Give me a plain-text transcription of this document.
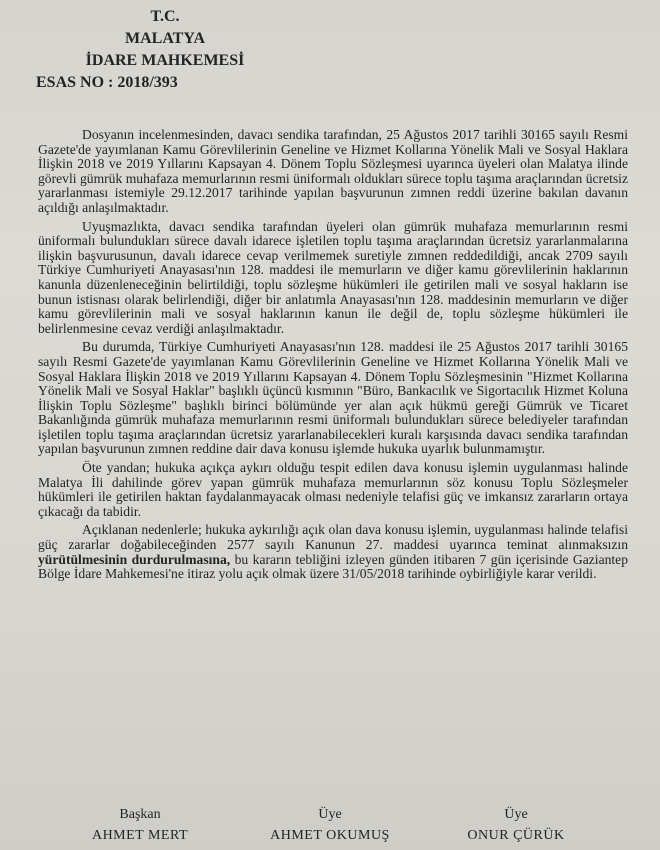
T.C.
MALATYA
İDARE MAHKEMESİ
ESAS NO : 2018/393

Dosyanın incelenmesinden, davacı sendika tarafından, 25 Ağustos 2017 tarihli 30165 sayılı Resmi Gazete'de yayımlanan Kamu Görevlilerinin Geneline ve Hizmet Kollarına Yönelik Mali ve Sosyal Haklara İlişkin 2018 ve 2019 Yıllarını Kapsayan 4. Dönem Toplu Sözleşmesi uyarınca üyeleri olan Malatya ilinde görevli gümrük muhafaza memurlarının resmi üniformalı oldukları sürece toplu taşıma araçlarından ücretsiz yararlanması istemiyle 29.12.2017 tarihinde yapılan başvurunun zımnen reddi üzerine bakılan davanın açıldığı anlaşılmaktadır.

Uyuşmazlıkta, davacı sendika tarafından üyeleri olan gümrük muhafaza memurlarının resmi üniformalı bulundukları sürece davalı idarece işletilen toplu taşıma araçlarından ücretsiz yararlanmalarına ilişkin başvurusunun, davalı idarece cevap verilmemek suretiyle zımnen reddedildiği, ancak 2709 sayılı Türkiye Cumhuriyeti Anayasası'nın 128. maddesi ile memurların ve diğer kamu görevlilerinin haklarının kanunla düzenleneceğinin belirtildiği, toplu sözleşme hükümleri ile getirilen mali ve sosyal hakların ise bunun istisnası olarak belirlendiği, diğer bir anlatımla Anayasası'nın 128. maddesinin memurların ve diğer kamu görevlilerinin mali ve sosyal haklarının kanun ile değil de, toplu sözleşme hükümleri ile belirlenmesine cevaz verdiği anlaşılmaktadır.

Bu durumda, Türkiye Cumhuriyeti Anayasası'nın 128. maddesi ile 25 Ağustos 2017 tarihli 30165 sayılı Resmi Gazete'de yayımlanan Kamu Görevlilerinin Geneline ve Hizmet Kollarına Yönelik Mali ve Sosyal Haklara İlişkin 2018 ve 2019 Yıllarını Kapsayan 4. Dönem Toplu Sözleşmesinin "Hizmet Kollarına Yönelik Mali ve Sosyal Haklar" başlıklı üçüncü kısmının "Büro, Bankacılık ve Sigortacılık Hizmet Koluna İlişkin Toplu Sözleşme" başlıklı birinci bölümünde yer alan açık hükmü gereği Gümrük ve Ticaret Bakanlığında gümrük muhafaza memurlarının resmi üniformalı bulundukları sürece belediyeler tarafından işletilen toplu taşıma araçlarından ücretsiz yararlanabilecekleri kuralı karşısında davacı sendika tarafından yapılan başvurunun zımnen reddine dair dava konusu işlemde hukuka uyarlık bulunmamıştır.

Öte yandan; hukuka açıkça aykırı olduğu tespit edilen dava konusu işlemin uygulanması halinde Malatya İli dahilinde görev yapan gümrük muhafaza memurlarının söz konusu Toplu Sözleşmeler hükümleri ile getirilen haktan faydalanmayacak olması nedeniyle telafisi güç ve imkansız zararların ortaya çıkacağı da tabidir.

Açıklanan nedenlerle; hukuka aykırılığı açık olan dava konusu işlemin, uygulanması halinde telafisi güç zararlar doğabileceğinden 2577 sayılı Kanunun 27. maddesi uyarınca teminat alınmaksızın yürütülmesinin durdurulmasına, bu kararın tebliğini izleyen günden itibaren 7 gün içerisinde Gaziantep Bölge İdare Mahkemesi'ne itiraz yolu açık olmak üzere 31/05/2018 tarihinde oybirliğiyle karar verildi.

Başkan
AHMET MERT
Üye
AHMET OKUMUŞ
Üye
ONUR ÇÜRÜK
